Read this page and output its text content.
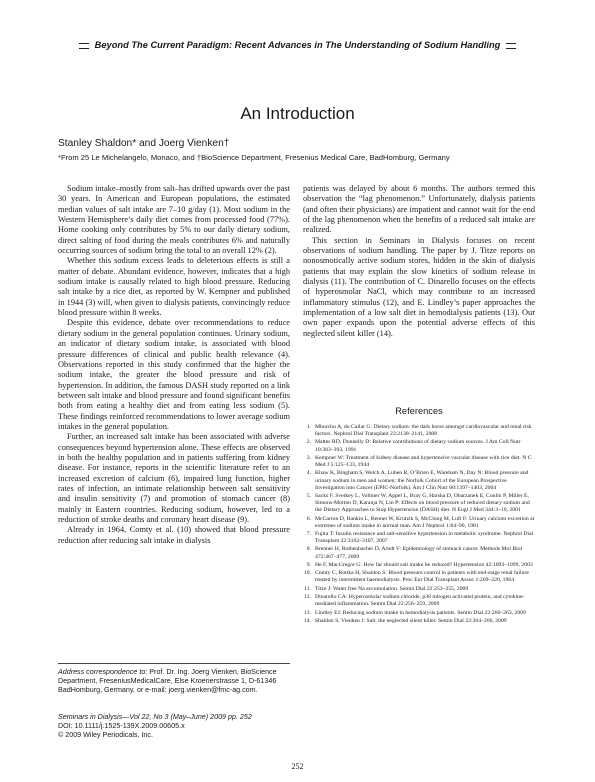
Beyond The Current Paradigm: Recent Advances in The Understanding of Sodium Handling
An Introduction
Stanley Shaldon* and Joerg Vienken†
*From 25 Le Michelangelo, Monaco, and †BioScience Department, Fresenius Medical Care, BadHomburg, Germany

Sodium intake–mostly from salt–has drifted upwards over the past 30 years. In American and European populations, the estimated median values of salt intake are 7–10 g/day (1). Most sodium in the Western Hemisphere’s daily diet comes from processed food (77%). Home cooking only contributes by 5% to our daily dietary sodium, direct salting of food during the meals contributes 6% and naturally occurring sources of sodium bring the total to an overall 12% (2).

Whether this sodium excess leads to deleterious effects is still a matter of debate. Abundant evidence, however, indicates that a high sodium intake is causally related to high blood pressure. Reducing salt intake by a rice diet, as reported by W. Kempner and published in 1944 (3) will, when given to dialysis patients, convincingly reduce blood pressure within 8 weeks.

Despite this evidence, debate over recommendations to reduce dietary sodium in the general population continues. Urinary sodium, an indicator of dietary sodium intake, is associated with blood pressure differences of clinical and public health relevance (4). Observations reported in this study confirmed that the higher the sodium intake, the greater the blood pressure and risk of hypertension. In addition, the famous DASH study reported on a link between salt intake and blood pressure and found significant benefits both from eating a healthy diet and from eating less sodium (5). These findings reinforced recommendations to lower average sodium intakes in the general population.

Further, an increased salt intake has been associated with adverse consequences beyond hypertension alone. These effects are observed in both the healthy population and in patients suffering from kidney disease. For instance, reports in the scientific literature refer to an increased excretion of calcium (6), impaired lung function, higher rates of infection, an intimate relationship between salt sensitivity and insulin sensitivity (7) and promotion of stomach cancer (8) mainly in Eastern countries. Reducing sodium, however, led to a reduction of stroke deaths and coronary heart disease (9).

Already in 1964, Comty et al. (10) showed that blood pressure reduction after reducing salt intake in dialysis

patients was delayed by about 6 months. The authors termed this observation the “lag phenomenon.” Unfortunately, dialysis patients (and often their physicians) are impatient and cannot wait for the end of the lag phenomenon when the benefits of a reduced salt intake are realized.

This section in Seminars in Dialysis focuses on recent observations of sodium handling. The paper by J. Titze reports on nonosmotically active sodium stores, hidden in the skin of dialysis patients that may explain the slow kinetics of sodium release in dialysis (11). The contribution of C. Dinarello focuses on the effects of hyperosmolar NaCl, which may contribute to an increased inflammatory stimulus (12), and E. Lindley’s paper approaches the implementation of a low salt diet in hemodialysis patients (13). Our own paper expands upon the potential adverse effects of this neglected silent killer (14).

References
1. Mhurchu A, du Cailar G: Dietary sodium: the dark horse amongst cardiovascular and renal risk factors. Nephrol Dial Transplant 23:2138–2141, 2008
2. Mattes RD, Donnelly D: Relative contributions of dietary sodium sources. J Am Coll Nutr 10:383–393, 1991
3. Kempner W: Treatment of kidney disease and hypertensive vascular disease with rice diet. N C Med J 5:125–133, 1944
4. Khaw K, Bingham S, Welch A, Luben R, O’Brien E, Wareham N, Day N: Blood pressure and urinary sodium in men and women: the Norfolk Cohort of the European Prospective Investigation into Cancer (EPIC-Norfolk). Am J Clin Nutr 80:1397–1403, 2004
5. Sacks F, Svetkey L, Vollmer W, Appel L, Bray G, Harsha D, Obarzanek E, Conlin P, Miller E, Simons-Morton D, Karanja N, Lin P: Effects on blood pressure of reduced dietary sodium and the Dietary Approaches to Stop Hypertension (DASH) diet. N Engl J Med 344:3–10, 2001
6. McCarron D, Rankin L, Bennet W, Krutzik S, McClung M, Luft F: Urinary calcium excretion at extremes of sodium intake in normal man. Am J Nephrol 1:84–90, 1981
7. Fujita T: Insulin resistance and salt-sensitive hypertension in metabolic syndrome. Nephrol Dial Transplant 22:3102–3107, 2007
8. Brenner H, Rothenbacher D, Arndt V: Epidemiology of stomach cancer. Methods Mol Biol 472:467–477, 2009
9. He F, MacGregor G: How far should salt intake be reduced? Hypertension 42:1093–1099, 2003
10. Comty C, Rottka H, Shaldon S: Blood pressure control in patients with end-stage renal failure treated by intermittent haemodialysis. Proc Eur Dial Transplant Assoc 1:209–220, 1964
11. Titze J: Water free Na accumulation. Semin Dial 22:253–255, 2009
12. Dinarello CA: Hyperosmolar sodium chloride, p38 mitogen activated protein, and cytokine-mediated inflammation. Semin Dial 22:256–259, 2009
13. Lindley EJ: Reducing sodium intake in hemodialysis patients. Semin Dial 22:260–263, 2009
14. Shaldon S, Vienken J: Salt, the neglected silent killer. Semin Dial 22:264–266, 2009
Address correspondence to: Prof. Dr. Ing. Joerg Vienken, BioScience Department, FreseniusMedicalCare, Else Kroenerstrasse 1, D-61346 BadHomburg, Germany, or e-mail: joerg.vienken@fmc-ag.com.
Seminars in Dialysis—Vol 22, No 3 (May–June) 2009 pp. 252
DOI: 10.1111/j.1525-139X.2009.00605.x
© 2009 Wiley Periodicals, Inc.
252
